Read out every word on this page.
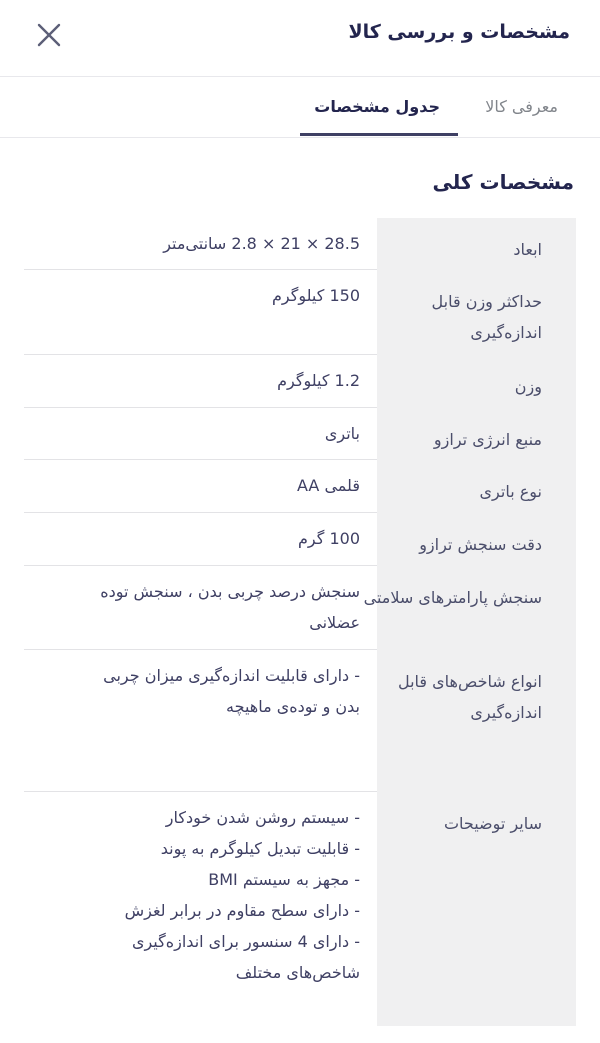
مشخصات و بررسی کالا
معرفی کالا
جدول مشخصات
مشخصات کلی
ابعاد
28.5 × 21 × 2.8 سانتی‌متر
حداکثر وزن قابل اندازه‌گیری
150 کیلوگرم
وزن
1.2 کیلوگرم
منبع انرژی ترازو
باتری
نوع باتری
قلمی AA
دقت سنجش ترازو
100 گرم
سنجش پارامترهای سلامتی
سنجش درصد چربی بدن ، سنجش توده
عضلانی
انواع شاخص‌های قابل اندازه‌گیری
- دارای قابلیت اندازه‌گیری میزان چربی
بدن و توده‌ی ماهیچه
سایر توضیحات
- سیستم روشن شدن خودکار
- قابلیت تبدیل کیلوگرم به پوند
- مجهز به سیستم BMI
- دارای سطح مقاوم در برابر لغزش
- دارای 4 سنسور برای اندازه‌گیری
شاخص‌های مختلف
